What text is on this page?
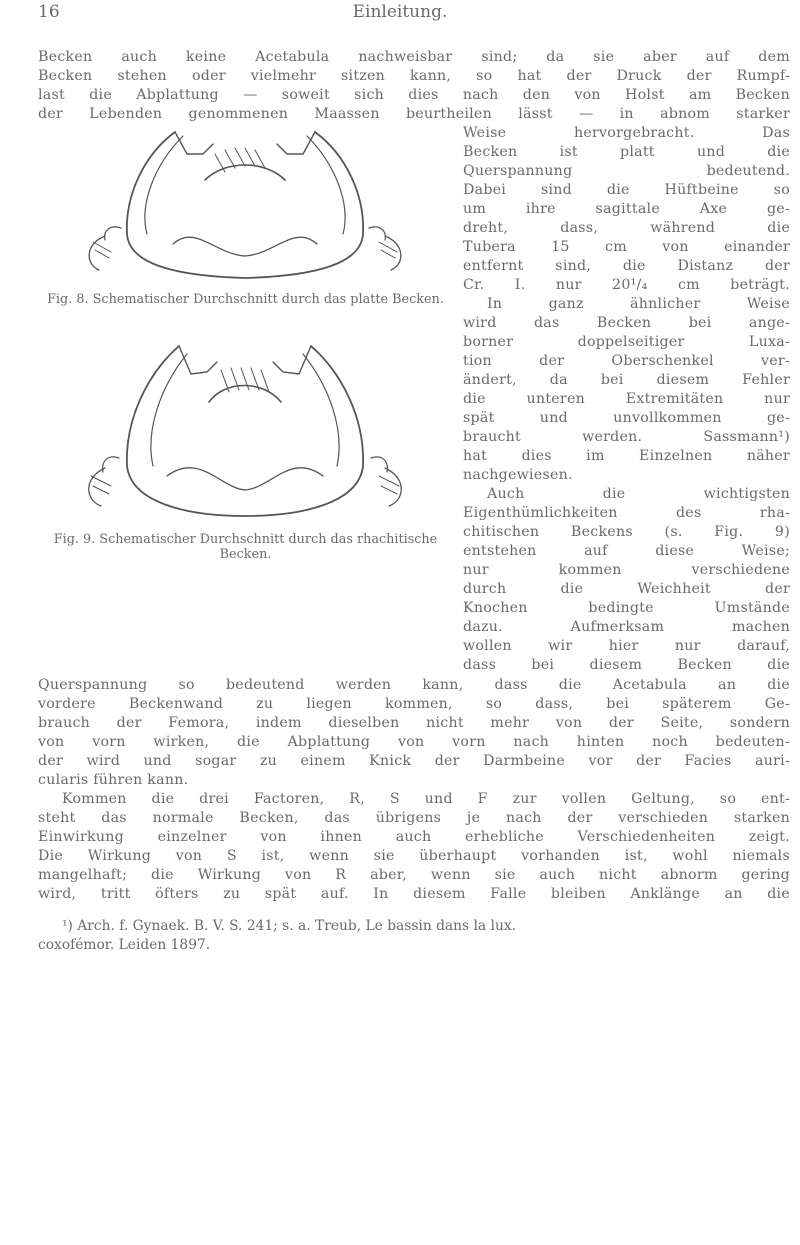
16	Einleitung.
Becken auch keine Acetabula nachweisbar sind; da sie aber auf dem
Becken stehen oder vielmehr sitzen kann, so hat der Druck der Rumpf-
last die Abplattung — soweit sich dies nach den von Holst am Becken
der Lebenden genommenen Maassen beurtheilen lässt — in abnom starker
Fig. 8. Schematischer Durchschnitt durch das platte Becken.
Fig. 9. Schematischer Durchschnitt durch das rhachitische Becken.
Weise hervorgebracht. Das
Becken ist platt und die
Querspannung bedeutend.
Dabei sind die Hüftbeine so
um ihre sagittale Axe ge-
dreht, dass, während die
Tubera 15 cm von einander
entfernt sind, die Distanz der
Cr. I. nur 20¹/₄ cm beträgt.
In ganz ähnlicher Weise
wird das Becken bei ange-
borner doppelseitiger Luxa-
tion der Oberschenkel ver-
ändert, da bei diesem Fehler
die unteren Extremitäten nur
spät und unvollkommen ge-
braucht werden. Sassmann¹)
hat dies im Einzelnen näher
nachgewiesen.
Auch die wichtigsten
Eigenthümlichkeiten des rha-
chitischen Beckens (s. Fig. 9)
entstehen auf diese Weise;
nur kommen verschiedene
durch die Weichheit der
Knochen bedingte Umstände
dazu. Aufmerksam machen
wollen wir hier nur darauf,
dass bei diesem Becken die
Querspannung so bedeutend werden kann, dass die Acetabula an die
vordere Beckenwand zu liegen kommen, so dass, bei späterem Ge-
brauch der Femora, indem dieselben nicht mehr von der Seite, sondern
von vorn wirken, die Abplattung von vorn nach hinten noch bedeuten-
der wird und sogar zu einem Knick der Darmbeine vor der Facies auri-
cularis führen kann.
Kommen die drei Factoren, R, S und F zur vollen Geltung, so ent-
steht das normale Becken, das übrigens je nach der verschieden starken
Einwirkung einzelner von ihnen auch erhebliche Verschiedenheiten zeigt.
Die Wirkung von S ist, wenn sie überhaupt vorhanden ist, wohl niemals
mangelhaft; die Wirkung von R aber, wenn sie auch nicht abnorm gering
wird, tritt öfters zu spät auf. In diesem Falle bleiben Anklänge an die
¹) Arch. f. Gynaek. B. V. S. 241; s. a. Treub, Le bassin dans la lux.
coxofémor. Leiden 1897.
